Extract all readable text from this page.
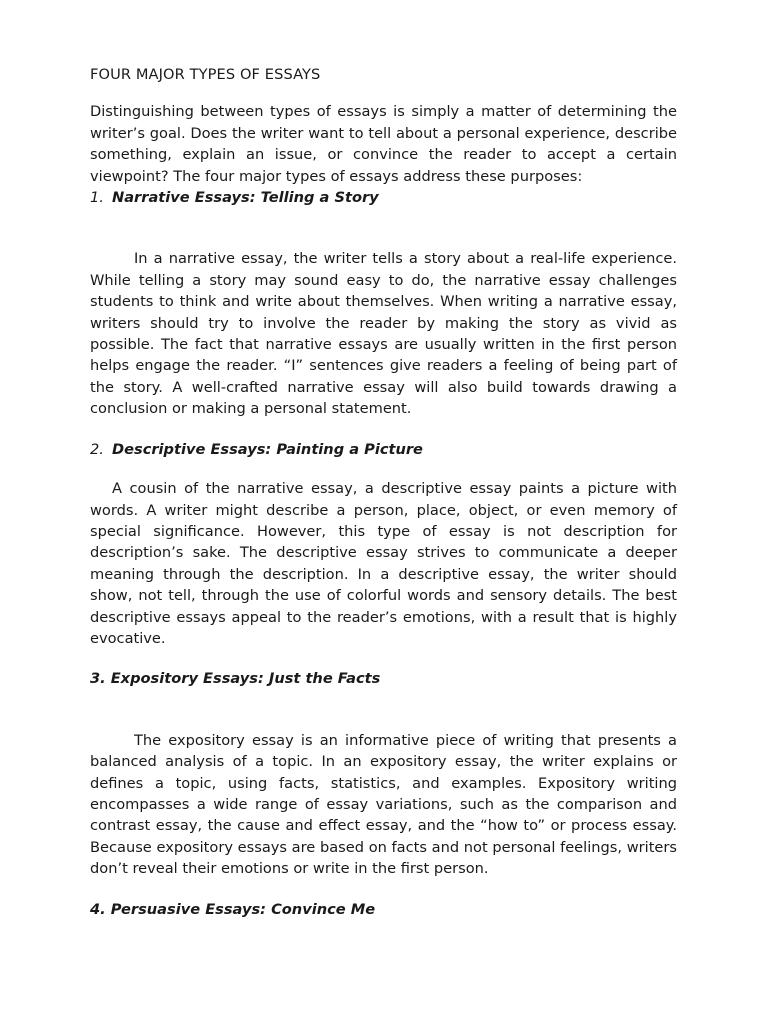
FOUR MAJOR TYPES OF ESSAYS

Distinguishing between types of essays is simply a matter of determining the writer’s goal. Does the writer want to tell about a personal experience, describe something, explain an issue, or convince the reader to accept a certain viewpoint? The four major types of essays address these purposes:

1. Narrative Essays: Telling a Story

In a narrative essay, the writer tells a story about a real-life experience. While telling a story may sound easy to do, the narrative essay challenges students to think and write about themselves. When writing a narrative essay, writers should try to involve the reader by making the story as vivid as possible. The fact that narrative essays are usually written in the first person helps engage the reader. “I” sentences give readers a feeling of being part of the story. A well-crafted narrative essay will also build towards drawing a conclusion or making a personal statement.

2. Descriptive Essays: Painting a Picture

A cousin of the narrative essay, a descriptive essay paints a picture with words. A writer might describe a person, place, object, or even memory of special significance. However, this type of essay is not description for description’s sake. The descriptive essay strives to communicate a deeper meaning through the description. In a descriptive essay, the writer should show, not tell, through the use of colorful words and sensory details. The best descriptive essays appeal to the reader’s emotions, with a result that is highly evocative.

3. Expository Essays: Just the Facts

The expository essay is an informative piece of writing that presents a balanced analysis of a topic. In an expository essay, the writer explains or defines a topic, using facts, statistics, and examples. Expository writing encompasses a wide range of essay variations, such as the comparison and contrast essay, the cause and effect essay, and the “how to” or process essay. Because expository essays are based on facts and not personal feelings, writers don’t reveal their emotions or write in the first person.

4. Persuasive Essays: Convince Me
